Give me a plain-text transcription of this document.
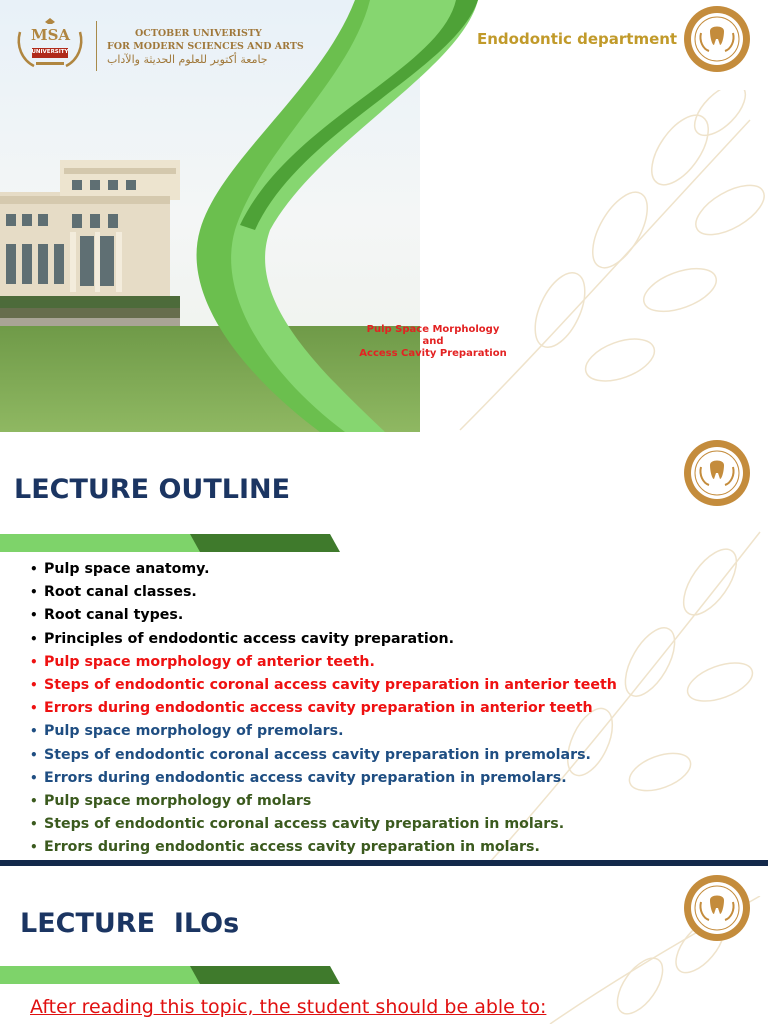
MSA
UNIVERSITY
OCTOBER UNIVERISTY
FOR MODERN SCIENCES AND ARTS
جامعة أكتوبر للعلوم الحديثة والآداب
Endodontic department
Pulp Space Morphology
and
Access Cavity Preparation
LECTURE OUTLINE
• Pulp space anatomy.
• Root canal classes.
• Root canal types.
• Principles of endodontic access cavity preparation.
• Pulp space morphology of anterior teeth.
• Steps of endodontic coronal access cavity preparation in anterior teeth
• Errors during endodontic access cavity preparation in anterior teeth
• Pulp space morphology of premolars.
• Steps of endodontic coronal access cavity preparation in premolars.
• Errors during endodontic access cavity preparation in premolars.
• Pulp space morphology of molars
• Steps of endodontic coronal access cavity preparation in molars.
• Errors during endodontic access cavity preparation in molars.
LECTURE  ILOs
After reading this topic, the student should be able to:
